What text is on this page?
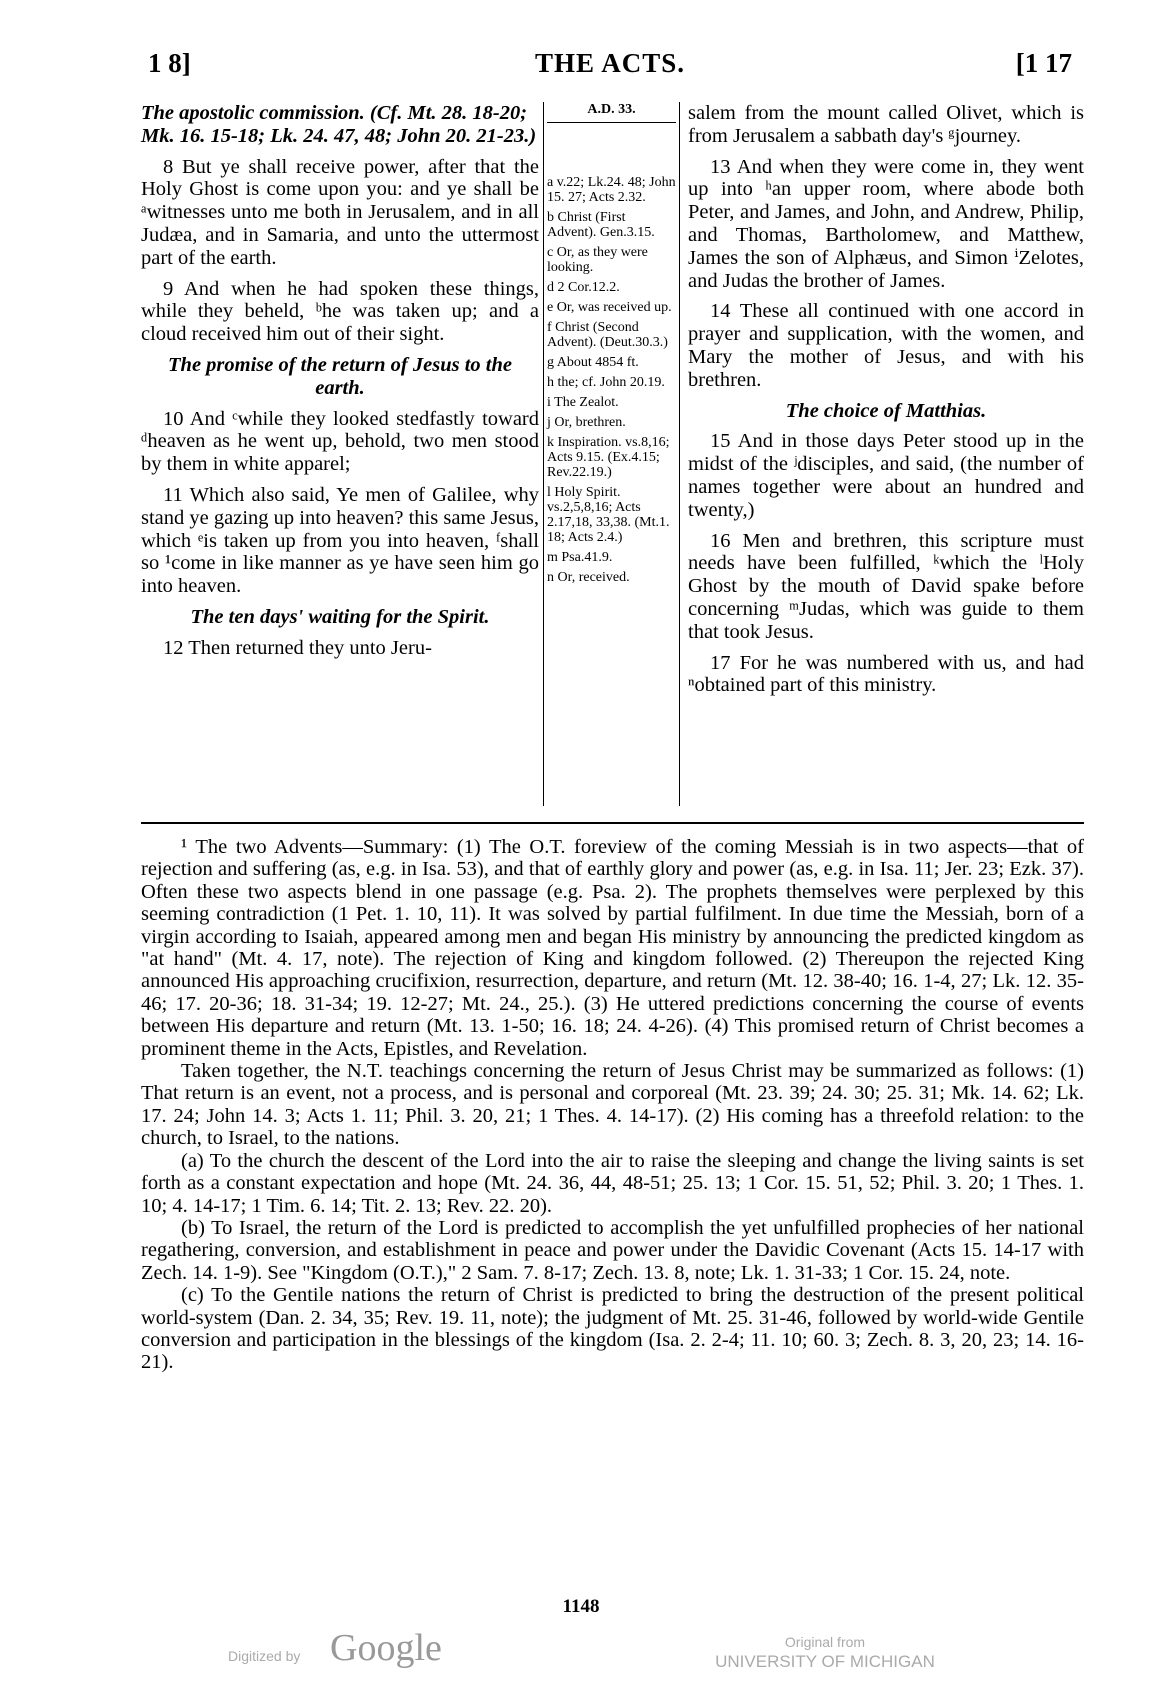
1 8]	THE ACTS.	[1 17

The apostolic commission. (Cf. Mt. 28. 18-20; Mk. 16. 15-18; Lk. 24. 47, 48; John 20. 21-23.)

8 But ye shall receive power, after that the Holy Ghost is come upon you: and ye shall be ᵃwitnesses unto me both in Jerusalem, and in all Judæa, and in Samaria, and unto the uttermost part of the earth.

9 And when he had spoken these things, while they beheld, ᵇhe was taken up; and a cloud received him out of their sight.

The promise of the return of Jesus to the earth.

10 And ᶜwhile they looked stedfastly toward ᵈheaven as he went up, behold, two men stood by them in white apparel;

11 Which also said, Ye men of Galilee, why stand ye gazing up into heaven? this same Jesus, which ᵉis taken up from you into heaven, ᶠshall so ¹come in like manner as ye have seen him go into heaven.

The ten days' waiting for the Spirit.

12 Then returned they unto Jeru-

A.D. 33.
a v.22; Lk.24. 48; John 15. 27; Acts 2.32.
b Christ (First Advent). Gen.3.15.
c Or, as they were looking.
d 2 Cor.12.2.
e Or, was received up.
f Christ (Second Advent). (Deut.30.3.)
g About 4854 ft.
h the; cf. John 20.19.
i The Zealot.
j Or, brethren.
k Inspiration. vs.8,16; Acts 9.15. (Ex.4.15; Rev.22.19.)
l Holy Spirit. vs.2,5,8,16; Acts 2.17,18, 33,38. (Mt.1. 18; Acts 2.4.)
m Psa.41.9.
n Or, received.

salem from the mount called Olivet, which is from Jerusalem a sabbath day's ᵍjourney.

13 And when they were come in, they went up into ʰan upper room, where abode both Peter, and James, and John, and Andrew, Philip, and Thomas, Bartholomew, and Matthew, James the son of Alphæus, and Simon ⁱZelotes, and Judas the brother of James.

14 These all continued with one accord in prayer and supplication, with the women, and Mary the mother of Jesus, and with his brethren.

The choice of Matthias.

15 And in those days Peter stood up in the midst of the ʲdisciples, and said, (the number of names together were about an hundred and twenty,)

16 Men and brethren, this scripture must needs have been fulfilled, ᵏwhich the ˡHoly Ghost by the mouth of David spake before concerning ᵐJudas, which was guide to them that took Jesus.

17 For he was numbered with us, and had ⁿobtained part of this ministry.

¹ The two Advents—Summary: (1) The O.T. foreview of the coming Messiah is in two aspects—that of rejection and suffering (as, e.g. in Isa. 53), and that of earthly glory and power (as, e.g. in Isa. 11; Jer. 23; Ezk. 37). Often these two aspects blend in one passage (e.g. Psa. 2). The prophets themselves were perplexed by this seeming contradiction (1 Pet. 1. 10, 11). It was solved by partial fulfilment. In due time the Messiah, born of a virgin according to Isaiah, appeared among men and began His ministry by announcing the predicted kingdom as "at hand" (Mt. 4. 17, note). The rejection of King and kingdom followed. (2) Thereupon the rejected King announced His approaching crucifixion, resurrection, departure, and return (Mt. 12. 38-40; 16. 1-4, 27; Lk. 12. 35-46; 17. 20-36; 18. 31-34; 19. 12-27; Mt. 24., 25.). (3) He uttered predictions concerning the course of events between His departure and return (Mt. 13. 1-50; 16. 18; 24. 4-26). (4) This promised return of Christ becomes a prominent theme in the Acts, Epistles, and Revelation.

Taken together, the N.T. teachings concerning the return of Jesus Christ may be summarized as follows: (1) That return is an event, not a process, and is personal and corporeal (Mt. 23. 39; 24. 30; 25. 31; Mk. 14. 62; Lk. 17. 24; John 14. 3; Acts 1. 11; Phil. 3. 20, 21; 1 Thes. 4. 14-17). (2) His coming has a threefold relation: to the church, to Israel, to the nations.

(a) To the church the descent of the Lord into the air to raise the sleeping and change the living saints is set forth as a constant expectation and hope (Mt. 24. 36, 44, 48-51; 25. 13; 1 Cor. 15. 51, 52; Phil. 3. 20; 1 Thes. 1. 10; 4. 14-17; 1 Tim. 6. 14; Tit. 2. 13; Rev. 22. 20).

(b) To Israel, the return of the Lord is predicted to accomplish the yet unfulfilled prophecies of her national regathering, conversion, and establishment in peace and power under the Davidic Covenant (Acts 15. 14-17 with Zech. 14. 1-9). See "Kingdom (O.T.)," 2 Sam. 7. 8-17; Zech. 13. 8, note; Lk. 1. 31-33; 1 Cor. 15. 24, note.

(c) To the Gentile nations the return of Christ is predicted to bring the destruction of the present political world-system (Dan. 2. 34, 35; Rev. 19. 11, note); the judgment of Mt. 25. 31-46, followed by world-wide Gentile conversion and participation in the blessings of the kingdom (Isa. 2. 2-4; 11. 10; 60. 3; Zech. 8. 3, 20, 23; 14. 16-21).

1148
Digitized by Google	Original from
UNIVERSITY OF MICHIGAN
